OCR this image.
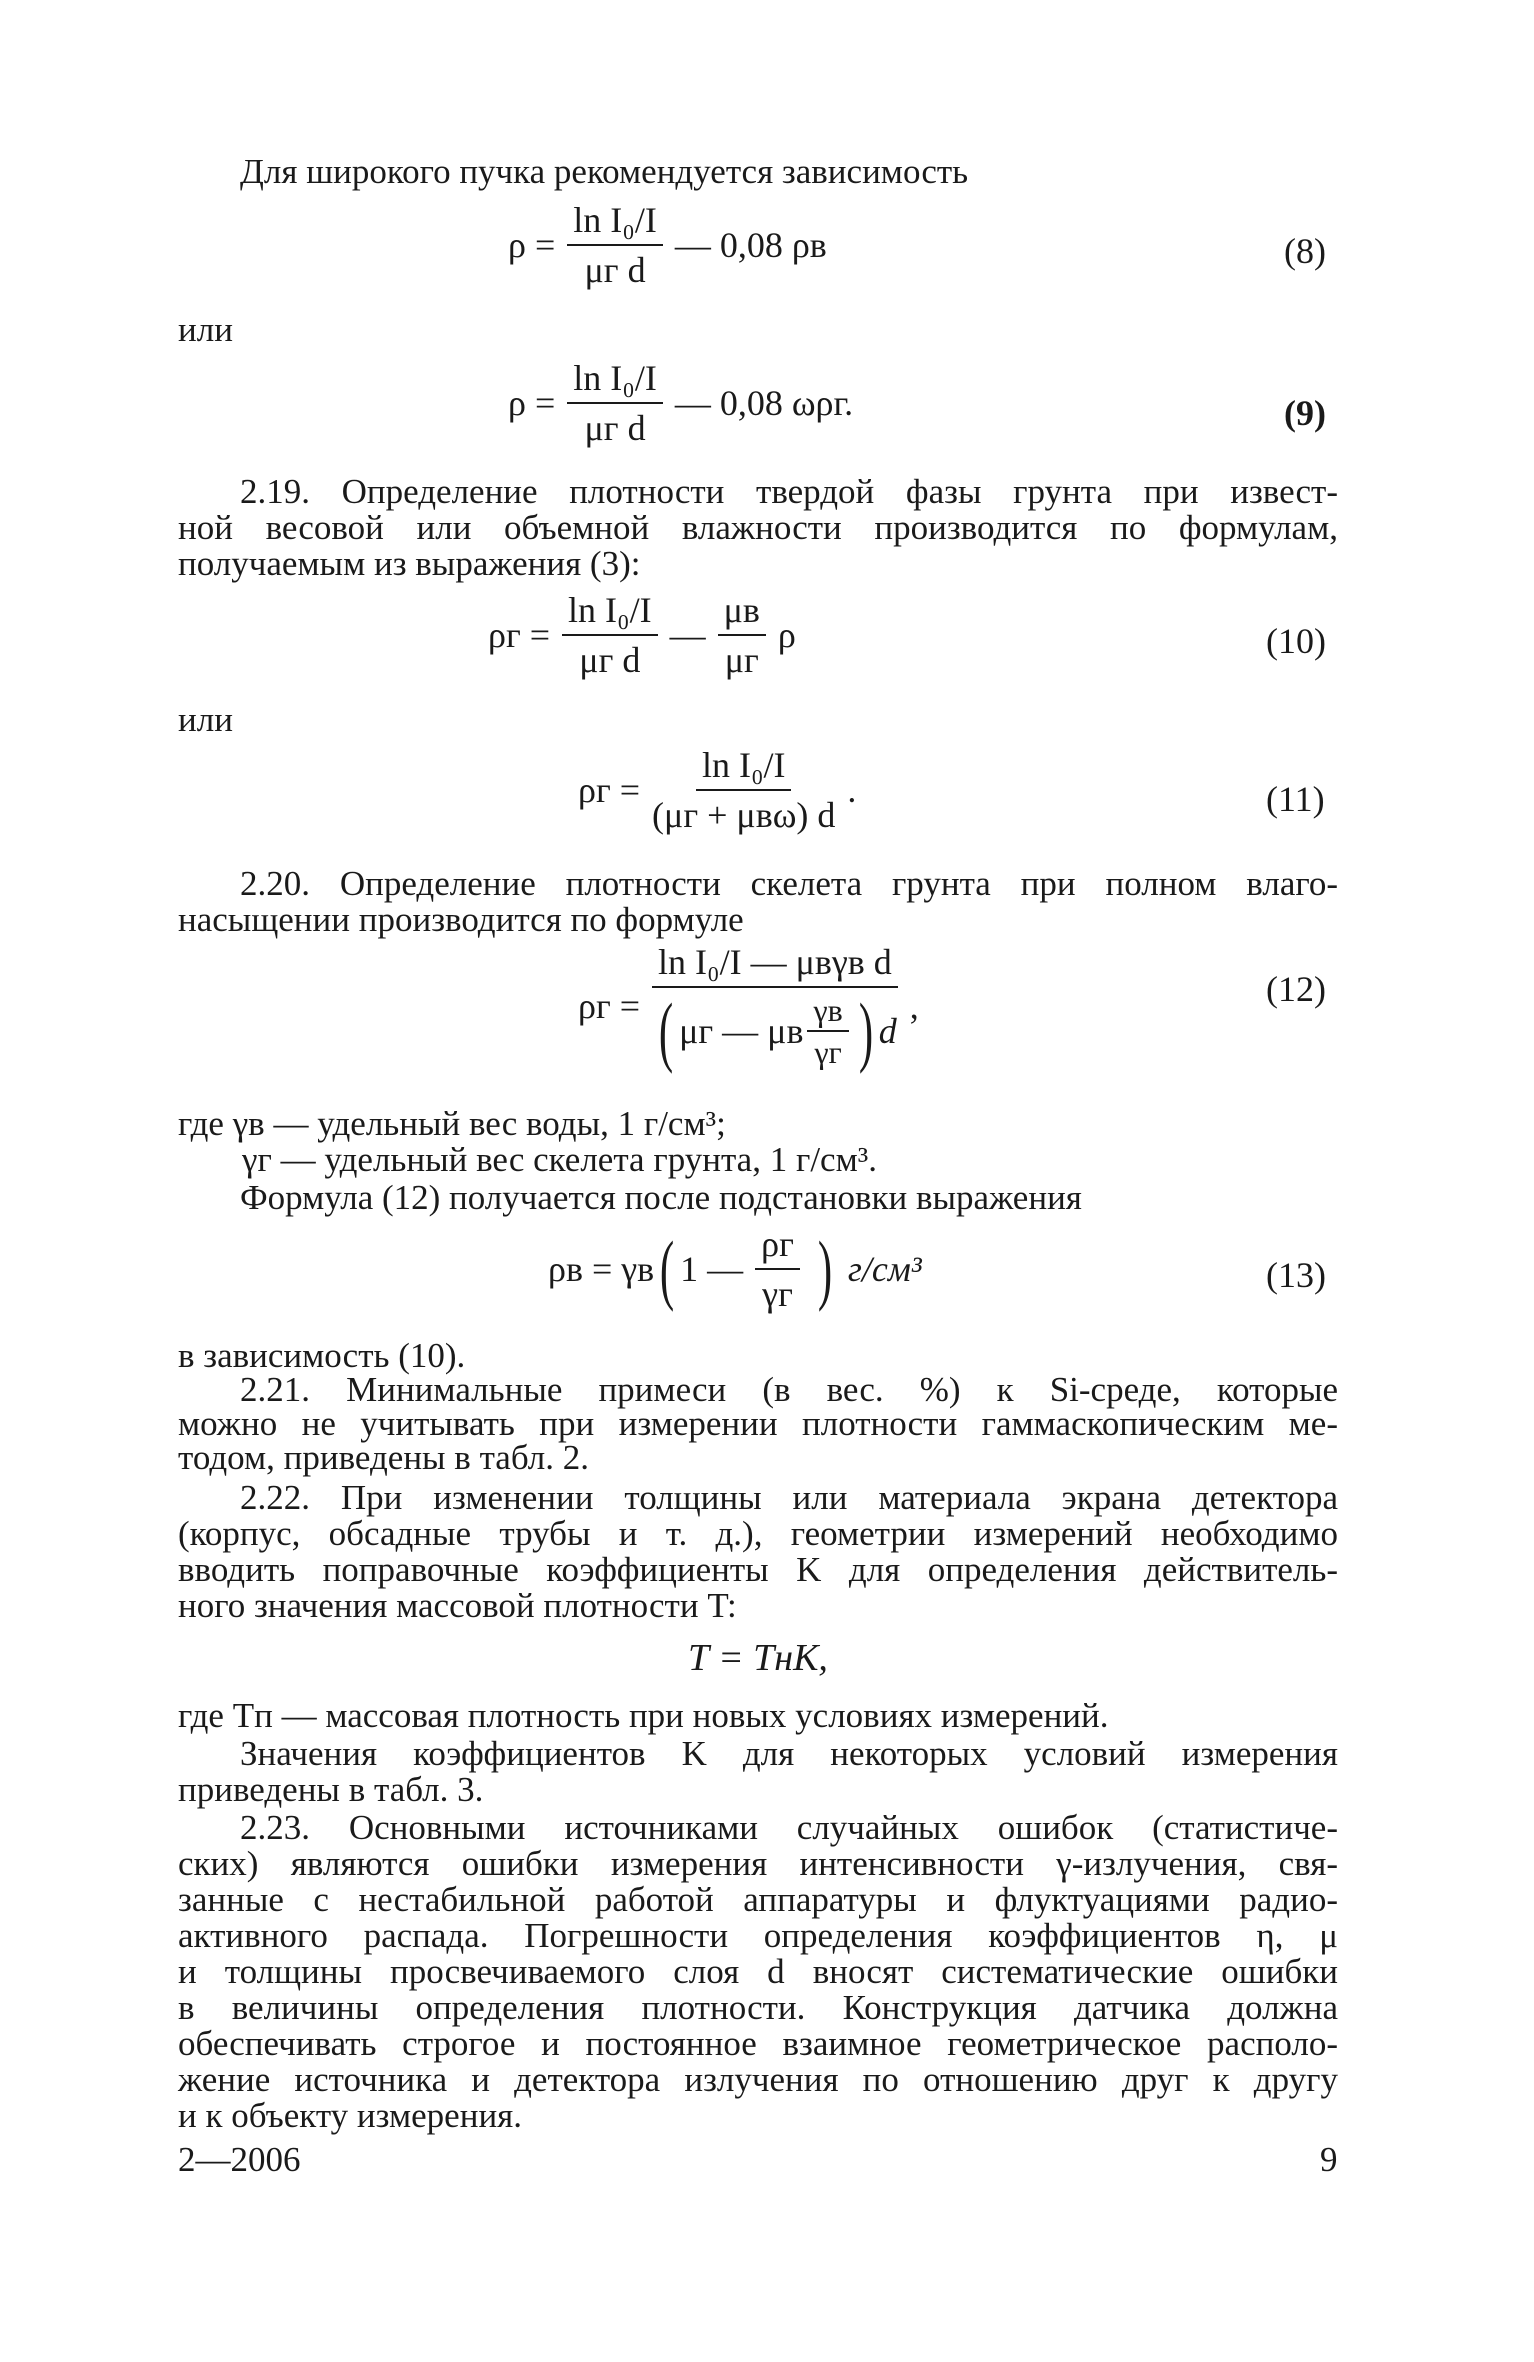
Для широкого пучка рекомендуется зависимость
$\rho = \frac{\text{ln I₀/I}}{\text{μг d}}$ — 0,08 ρв	(8)
или
$\rho = \frac{\text{ln I₀/I}}{\text{μг d}}$ — 0,08 ωρг.	(9)
2.19. Определение плотности твердой фазы грунта при извест-
ной весовой или объемной влажности производится по формулам,
получаемым из выражения (3):
$\rho г = \frac{\text{ln I₀/I}}{\text{μг d}}$ — $\frac{\mu в}{\mu г}$ ρ	(10)
или
$\rho г = \frac{\text{ln I₀/I}}{\text{(μг + μвω) d}}$ .	(11)
2.20. Определение плотности скелета грунта при полном влаго-
насыщении производится по формуле
ρг =
ln I₀/I — μвγв d
( μг — μв $\frac{\gamma в}{\gamma г}$ ) d
,	(12)
где γв — удельный вес воды, 1 г/см³;
γг — удельный вес скелета грунта, 1 г/см³.
Формула (12) получается после подстановки выражения
ρв = γв ( 1 — $\frac{\rho г}{\gamma г}$ ) г/см³	(13)
в зависимость (10).
2.21. Минимальные примеси (в вес. %) к Si-среде, которые
можно не учитывать при измерении плотности гаммаскопическим ме-
тодом, приведены в табл. 2.
2.22. При изменении толщины или материала экрана детектора
(корпус, обсадные трубы и т. д.), геометрии измерений необходимо
вводить поправочные коэффициенты K для определения действитель-
ного значения массовой плотности T:
T = TнK,
где Tп — массовая плотность при новых условиях измерений.
Значения коэффициентов K для некоторых условий измерения
приведены в табл. 3.
2.23. Основными источниками случайных ошибок (статистиче-
ских) являются ошибки измерения интенсивности γ-излучения, свя-
занные с нестабильной работой аппаратуры и флуктуациями радио-
активного распада. Погрешности определения коэффициентов η, μ
и толщины просвечиваемого слоя d вносят систематические ошибки
в величины определения плотности. Конструкция датчика должна
обеспечивать строгое и постоянное взаимное геометрическое располо-
жение источника и детектора излучения по отношению друг к другу
и к объекту измерения.
2—2006	9
